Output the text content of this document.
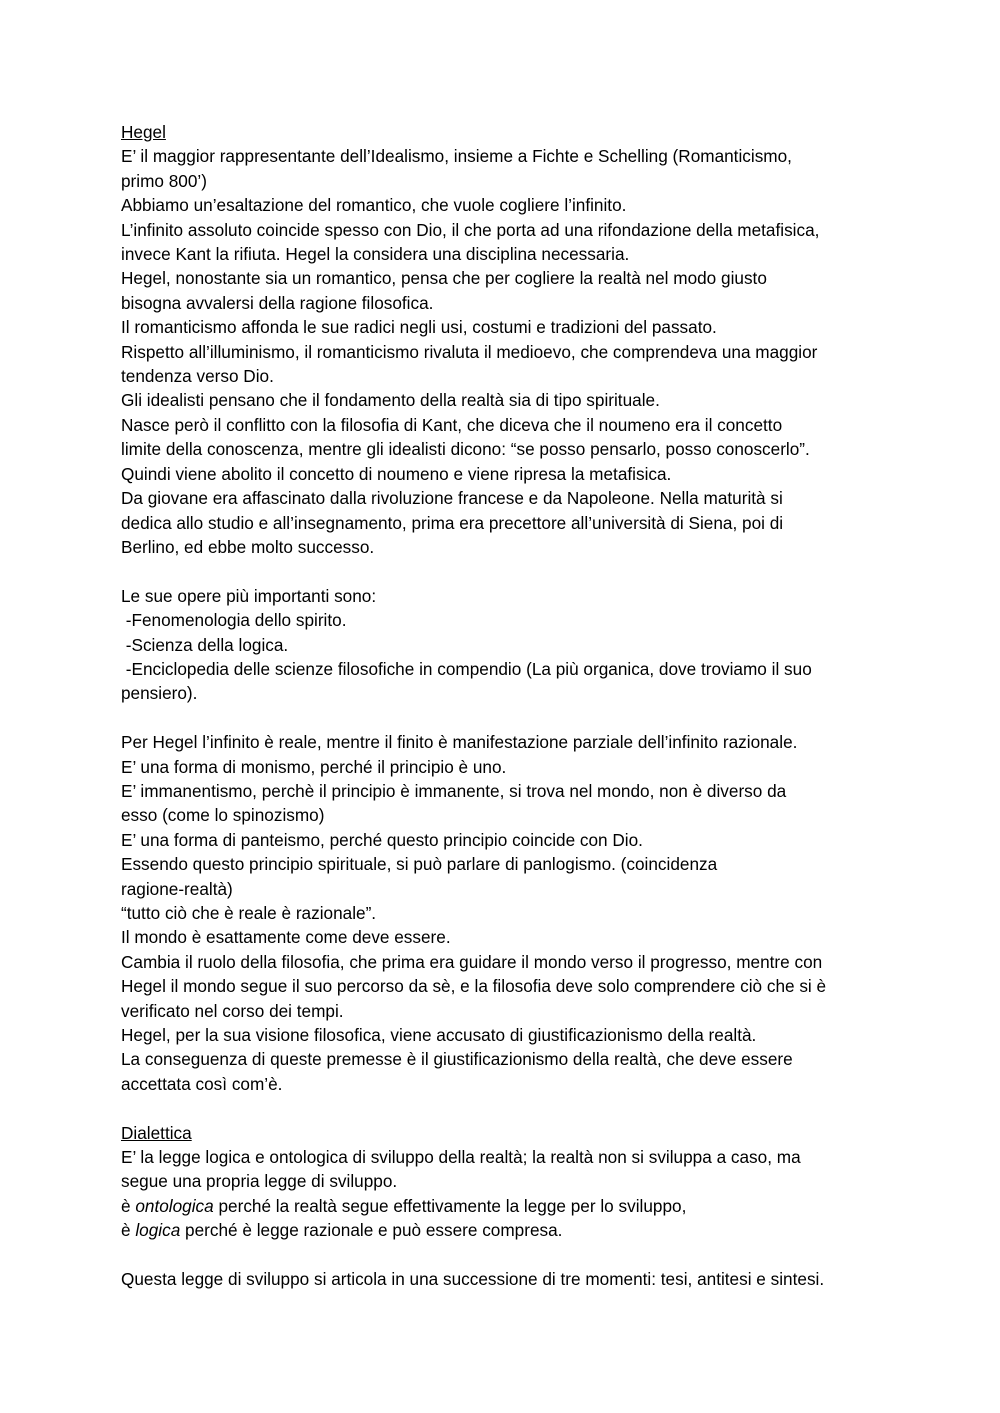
Hegel
E’ il maggior rappresentante dell’Idealismo, insieme a Fichte e Schelling (Romanticismo,
primo 800’)
Abbiamo un’esaltazione del romantico, che vuole cogliere l’infinito.
L’infinito assoluto coincide spesso con Dio, il che porta ad una rifondazione della metafisica,
invece Kant la rifiuta. Hegel la considera una disciplina necessaria.
Hegel, nonostante sia un romantico, pensa che per cogliere la realtà nel modo giusto
bisogna avvalersi della ragione filosofica.
Il romanticismo affonda le sue radici negli usi, costumi e tradizioni del passato.
Rispetto all’illuminismo, il romanticismo rivaluta il medioevo, che comprendeva una maggior
tendenza verso Dio.
Gli idealisti pensano che il fondamento della realtà sia di tipo spirituale.
Nasce però il conflitto con la filosofia di Kant, che diceva che il noumeno era il concetto
limite della conoscenza, mentre gli idealisti dicono: “se posso pensarlo, posso conoscerlo”.
Quindi viene abolito il concetto di noumeno e viene ripresa la metafisica.
Da giovane era affascinato dalla rivoluzione francese e da Napoleone. Nella maturità si
dedica allo studio e all’insegnamento, prima era precettore all’università di Siena, poi di
Berlino, ed ebbe molto successo.
Le sue opere più importanti sono:
-Fenomenologia dello spirito.
-Scienza della logica.
-Enciclopedia delle scienze filosofiche in compendio (La più organica, dove troviamo il suo
pensiero).
Per Hegel l’infinito è reale, mentre il finito è manifestazione parziale dell’infinito razionale.
E’ una forma di monismo, perché il principio è uno.
E’ immanentismo, perchè il principio è immanente, si trova nel mondo, non è diverso da
esso (come lo spinozismo)
E’ una forma di panteismo, perché questo principio coincide con Dio.
Essendo questo principio spirituale, si può parlare di panlogismo. (coincidenza
ragione-realtà)
“tutto ciò che è reale è razionale”.
Il mondo è esattamente come deve essere.
Cambia il ruolo della filosofia, che prima era guidare il mondo verso il progresso, mentre con
Hegel il mondo segue il suo percorso da sè, e la filosofia deve solo comprendere ciò che si è
verificato nel corso dei tempi.
Hegel, per la sua visione filosofica, viene accusato di giustificazionismo della realtà.
La conseguenza di queste premesse è il giustificazionismo della realtà, che deve essere
accettata così com’è.
Dialettica
E’ la legge logica e ontologica di sviluppo della realtà; la realtà non si sviluppa a caso, ma
segue una propria legge di sviluppo.
è ontologica perché la realtà segue effettivamente la legge per lo sviluppo,
è logica perché è legge razionale e può essere compresa.
Questa legge di sviluppo si articola in una successione di tre momenti: tesi, antitesi e sintesi.
